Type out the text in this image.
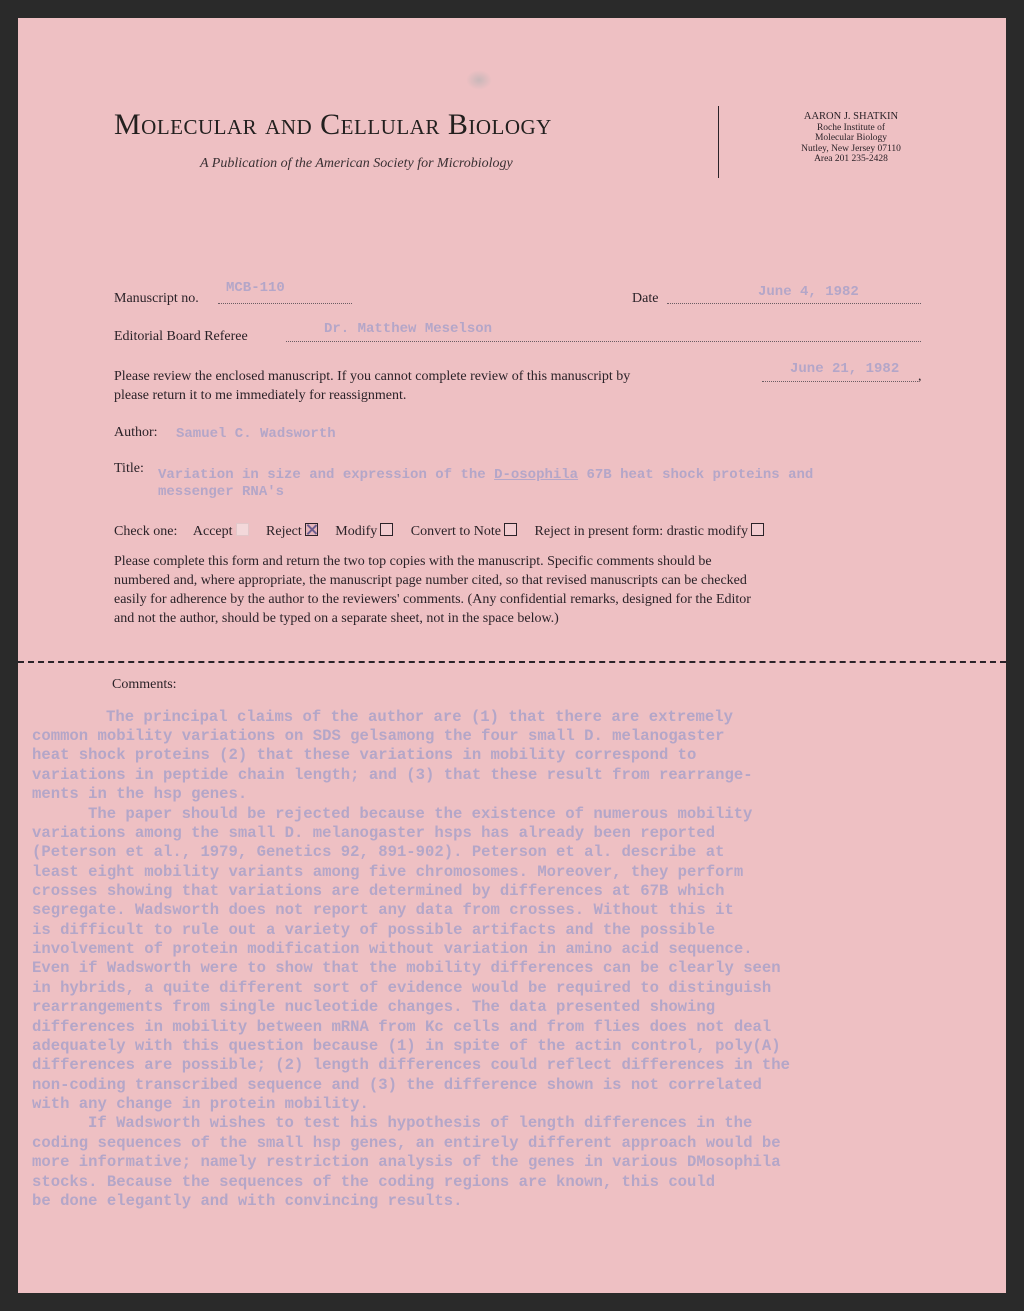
Molecular and Cellular Biology
A Publication of the American Society for Microbiology
AARON J. SHATKIN
Roche Institute of
Molecular Biology
Nutley, New Jersey 07110
Area 201 235-2428
Manuscript no.
MCB-110
Date	June 4, 1982
Editorial Board Referee	Dr. Matthew Meselson
Please review the enclosed manuscript. If you cannot complete review of this manuscript by	,
June 21, 1982
please return it to me immediately for reassignment.
Author: Samuel C. Wadsworth
Title: Variation in size and expression of the D-osophila 67B heat shock proteins and
messenger RNA's
Check one: Accept Reject Modify Convert to Note Reject in present form: drastic modify
Please complete this form and return the two top copies with the manuscript. Specific comments should be
numbered and, where appropriate, the manuscript page number cited, so that revised manuscripts can be checked
easily for adherence by the author to the reviewers' comments. (Any confidential remarks, designed for the Editor
and not the author, should be typed on a separate sheet, not in the space below.)
Comments:
The principal claims of the author are (1) that there are extremely
common mobility variations on SDS gelsamong the four small D. melanogaster
heat shock proteins (2) that these variations in mobility correspond to
variations in peptide chain length; and (3) that these result from rearrange-
ments in the hsp genes.
The paper should be rejected because the existence of numerous mobility
variations among the small D. melanogaster hsps has already been reported
(Peterson et al., 1979, Genetics 92, 891-902). Peterson et al. describe at
least eight mobility variants among five chromosomes. Moreover, they perform
crosses showing that variations are determined by differences at 67B which
segregate. Wadsworth does not report any data from crosses. Without this it
is difficult to rule out a variety of possible artifacts and the possible
involvement of protein modification without variation in amino acid sequence.
Even if Wadsworth were to show that the mobility differences can be clearly seen
in hybrids, a quite different sort of evidence would be required to distinguish
rearrangements from single nucleotide changes. The data presented showing
differences in mobility between mRNA from Kc cells and from flies does not deal
adequately with this question because (1) in spite of the actin control, poly(A)
differences are possible; (2) length differences could reflect differences in the
non-coding transcribed sequence and (3) the difference shown is not correlated
with any change in protein mobility.
If Wadsworth wishes to test his hypothesis of length differences in the
coding sequences of the small hsp genes, an entirely different approach would be
more informative; namely restriction analysis of the genes in various DMosophila
stocks. Because the sequences of the coding regions are known, this could
be done elegantly and with convincing results.
